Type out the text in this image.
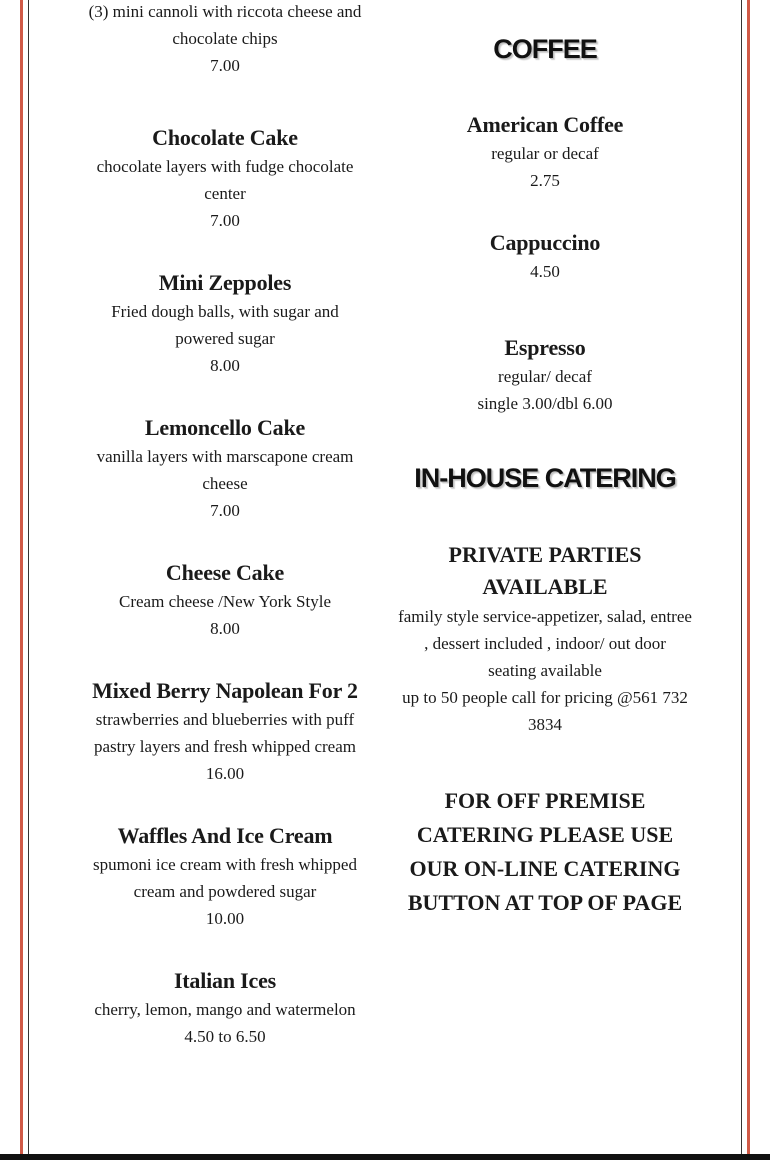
(3) mini cannoli with riccota cheese and chocolate chips
7.00
Chocolate Cake
chocolate layers with fudge chocolate center
7.00
Mini Zeppoles
Fried dough balls, with sugar and powered sugar
8.00
Lemoncello Cake
vanilla layers with marscapone cream cheese
7.00
Cheese Cake
Cream cheese /New York Style
8.00
Mixed Berry Napolean For 2
strawberries and blueberries with puff pastry layers and fresh whipped cream
16.00
Waffles And Ice Cream
spumoni ice cream with fresh whipped cream and powdered sugar
10.00
Italian Ices
cherry, lemon, mango and watermelon
4.50 to 6.50
COFFEE
American Coffee
regular or decaf
2.75
Cappuccino
4.50
Espresso
regular/ decaf
single 3.00/dbl 6.00
IN-HOUSE CATERING
PRIVATE PARTIES AVAILABLE
family style service-appetizer, salad, entree , dessert included , indoor/ out door seating available
up to 50 people call for pricing @561 732 3834
FOR OFF PREMISE CATERING PLEASE USE OUR ON-LINE CATERING BUTTON AT TOP OF PAGE
